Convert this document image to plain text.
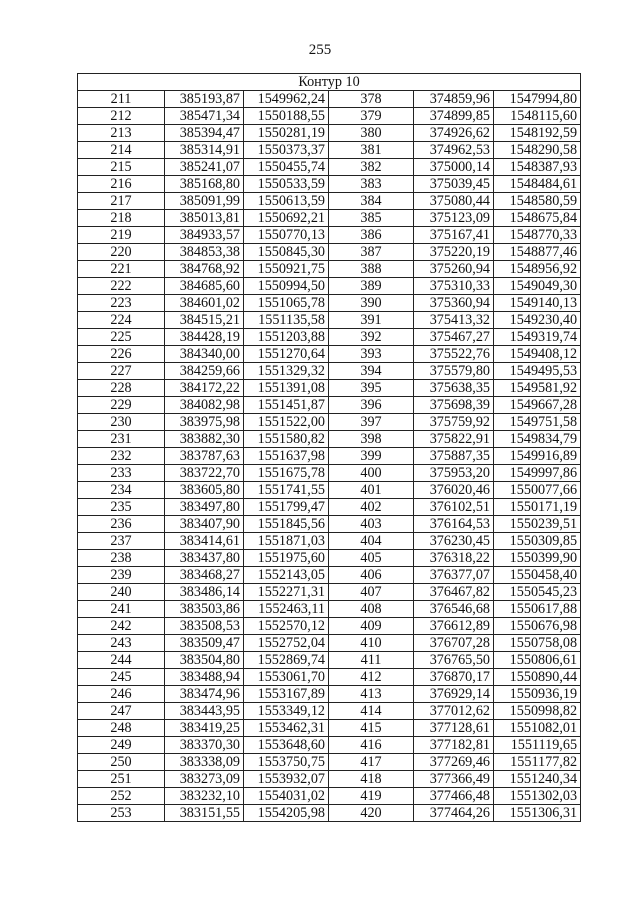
255
Контур 10					
211	385193,87	1549962,24	378	374859,96	1547994,80
212	385471,34	1550188,55	379	374899,85	1548115,60
213	385394,47	1550281,19	380	374926,62	1548192,59
214	385314,91	1550373,37	381	374962,53	1548290,58
215	385241,07	1550455,74	382	375000,14	1548387,93
216	385168,80	1550533,59	383	375039,45	1548484,61
217	385091,99	1550613,59	384	375080,44	1548580,59
218	385013,81	1550692,21	385	375123,09	1548675,84
219	384933,57	1550770,13	386	375167,41	1548770,33
220	384853,38	1550845,30	387	375220,19	1548877,46
221	384768,92	1550921,75	388	375260,94	1548956,92
222	384685,60	1550994,50	389	375310,33	1549049,30
223	384601,02	1551065,78	390	375360,94	1549140,13
224	384515,21	1551135,58	391	375413,32	1549230,40
225	384428,19	1551203,88	392	375467,27	1549319,74
226	384340,00	1551270,64	393	375522,76	1549408,12
227	384259,66	1551329,32	394	375579,80	1549495,53
228	384172,22	1551391,08	395	375638,35	1549581,92
229	384082,98	1551451,87	396	375698,39	1549667,28
230	383975,98	1551522,00	397	375759,92	1549751,58
231	383882,30	1551580,82	398	375822,91	1549834,79
232	383787,63	1551637,98	399	375887,35	1549916,89
233	383722,70	1551675,78	400	375953,20	1549997,86
234	383605,80	1551741,55	401	376020,46	1550077,66
235	383497,80	1551799,47	402	376102,51	1550171,19
236	383407,90	1551845,56	403	376164,53	1550239,51
237	383414,61	1551871,03	404	376230,45	1550309,85
238	383437,80	1551975,60	405	376318,22	1550399,90
239	383468,27	1552143,05	406	376377,07	1550458,40
240	383486,14	1552271,31	407	376467,82	1550545,23
241	383503,86	1552463,11	408	376546,68	1550617,88
242	383508,53	1552570,12	409	376612,89	1550676,98
243	383509,47	1552752,04	410	376707,28	1550758,08
244	383504,80	1552869,74	411	376765,50	1550806,61
245	383488,94	1553061,70	412	376870,17	1550890,44
246	383474,96	1553167,89	413	376929,14	1550936,19
247	383443,95	1553349,12	414	377012,62	1550998,82
248	383419,25	1553462,31	415	377128,61	1551082,01
249	383370,30	1553648,60	416	377182,81	1551119,65
250	383338,09	1553750,75	417	377269,46	1551177,82
251	383273,09	1553932,07	418	377366,49	1551240,34
252	383232,10	1554031,02	419	377466,48	1551302,03
253	383151,55	1554205,98	420	377464,26	1551306,31
